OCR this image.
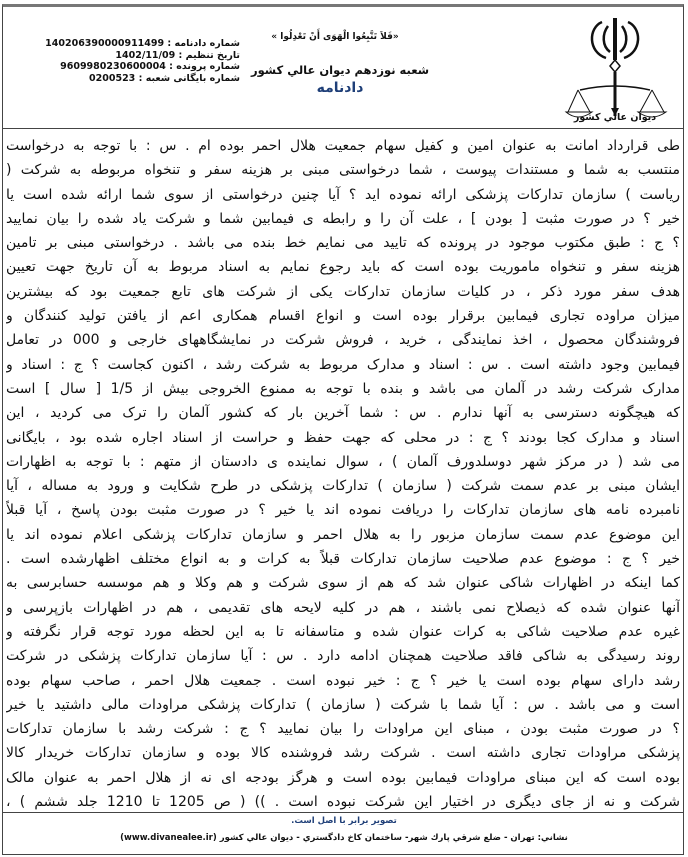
شماره دادنامه : 140206390000911499
تاریخ تنظیم : 1402/11/09
شماره پرونده : 9609980230600004
شماره بایگانی شعبه : 0200523
«فَلاَ تَتَّبِعُوا الْهَوَى أَنْ تَعْدِلُوا »
شعبه نوزدهم دیوان عالي كشور
دادنامه
دیوان عالي كشور
طی قرارداد امانت به عنوان امین و کفیل سهام جمعیت هلال احمر بوده ام . س : با توجه به درخواست
منتسب به شما و مستندات پیوست ، شما درخواستی مبنی بر هزینه سفر و تنخواه مربوطه به شرکت (
ریاست ) سازمان تدارکات پزشکی ارائه نموده اید ؟ آیا چنین درخواستی از سوی شما ارائه شده است یا
خیر ؟ در صورت مثبت [ بودن ] ، علت آن را و رابطه ی فیمابین شما و شرکت یاد شده را بیان نمایید
؟ ج : طبق مکتوب موجود در پرونده که تایید می نمایم خط بنده می باشد . درخواستی مبنی بر تامین
هزینه سفر و تنخواه ماموریت بوده است که باید رجوع نمایم به اسناد مربوط به آن تاریخ جهت تعیین
هدف سفر مورد ذکر ، در کلیات سازمان تدارکات یکی از شرکت های تابع جمعیت بود که بیشترین
میزان مراوده تجاری فیمابین برقرار بوده است و انواع اقسام همکاری اعم از یافتن تولید کنندگان و
فروشندگان محصول ، اخذ نمایندگی ، خرید ، فروش شرکت در نمایشگاههای خارجی و 000 در تعامل
فیمابین وجود داشته است . س : اسناد و مدارک مربوط به شرکت رشد ، اکنون کجاست ؟ ج : اسناد و
مدارک شرکت رشد در آلمان می باشد و بنده با توجه به ممنوع الخروجی بیش از 1/5 [ سال ] است
که هیچگونه دسترسی به آنها ندارم . س : شما آخرین بار که کشور آلمان را ترک می کردید ، این
اسناد و مدارک کجا بودند ؟ ج : در محلی که جهت حفظ و حراست از اسناد اجاره شده بود ، بایگانی
می شد ( در مرکز شهر دوسلدورف آلمان ) ، سوال نماینده ی دادستان از متهم : با توجه به اظهارات
ایشان مبنی بر عدم سمت شرکت ( سازمان ) تدارکات پزشکی در طرح شکایت و ورود به مساله ، آیا
نامبرده نامه های سازمان تدارکات را دریافت نموده اند یا خیر ؟ در صورت مثبت بودن پاسخ ، آیا قبلاً
این موضوع عدم سمت سازمان مزبور را به هلال احمر و سازمان تدارکات پزشکی اعلام نموده اند یا
خیر ؟ ج : موضوع عدم صلاحیت سازمان تدارکات قبلاً به کرات و به انواع مختلف اظهارشده است .
کما اینکه در اظهارات شاکی عنوان شد که هم از سوی شرکت و هم وکلا و هم موسسه حسابرسی به
آنها عنوان شده که ذیصلاح نمی باشند ، هم در کلیه لایحه های تقدیمی ، هم در اظهارات بازپرسی و
غیره عدم صلاحیت شاکی به کرات عنوان شده و متاسفانه تا به این لحظه مورد توجه قرار نگرفته و
روند رسیدگی به شاکی فاقد صلاحیت همچنان ادامه دارد . س : آیا سازمان تدارکات پزشکی در شرکت
رشد دارای سهام بوده است یا خیر ؟ ج : خیر نبوده است . جمعیت هلال احمر ، صاحب سهام بوده
است و می باشد . س : آیا شما با شرکت ( سازمان ) تدارکات پزشکی مراودات مالی داشتید یا خیر
؟ در صورت مثبت بودن ، مبنای این مراودات را بیان نمایید ؟ ج : شرکت رشد با سازمان تدارکات
پزشکی مراودات تجاری داشته است . شرکت رشد فروشنده کالا بوده و سازمان تدارکات خریدار کالا
بوده است که این مبنای مراودات فیمابین بوده است و هرگز بودجه ای نه از هلال احمر به عنوان مالک
شرکت و نه از جای دیگری در اختیار این شرکت نبوده است . )) ( ص 1205 تا 1210 جلد ششم ) ،
تصویر برابر با اصل است.
نشاني: تهران - ضلع شرقي پارك شهر- ساختمان كاخ دادگستري - ديوان عالي كشور (www.divanealee.ir)
